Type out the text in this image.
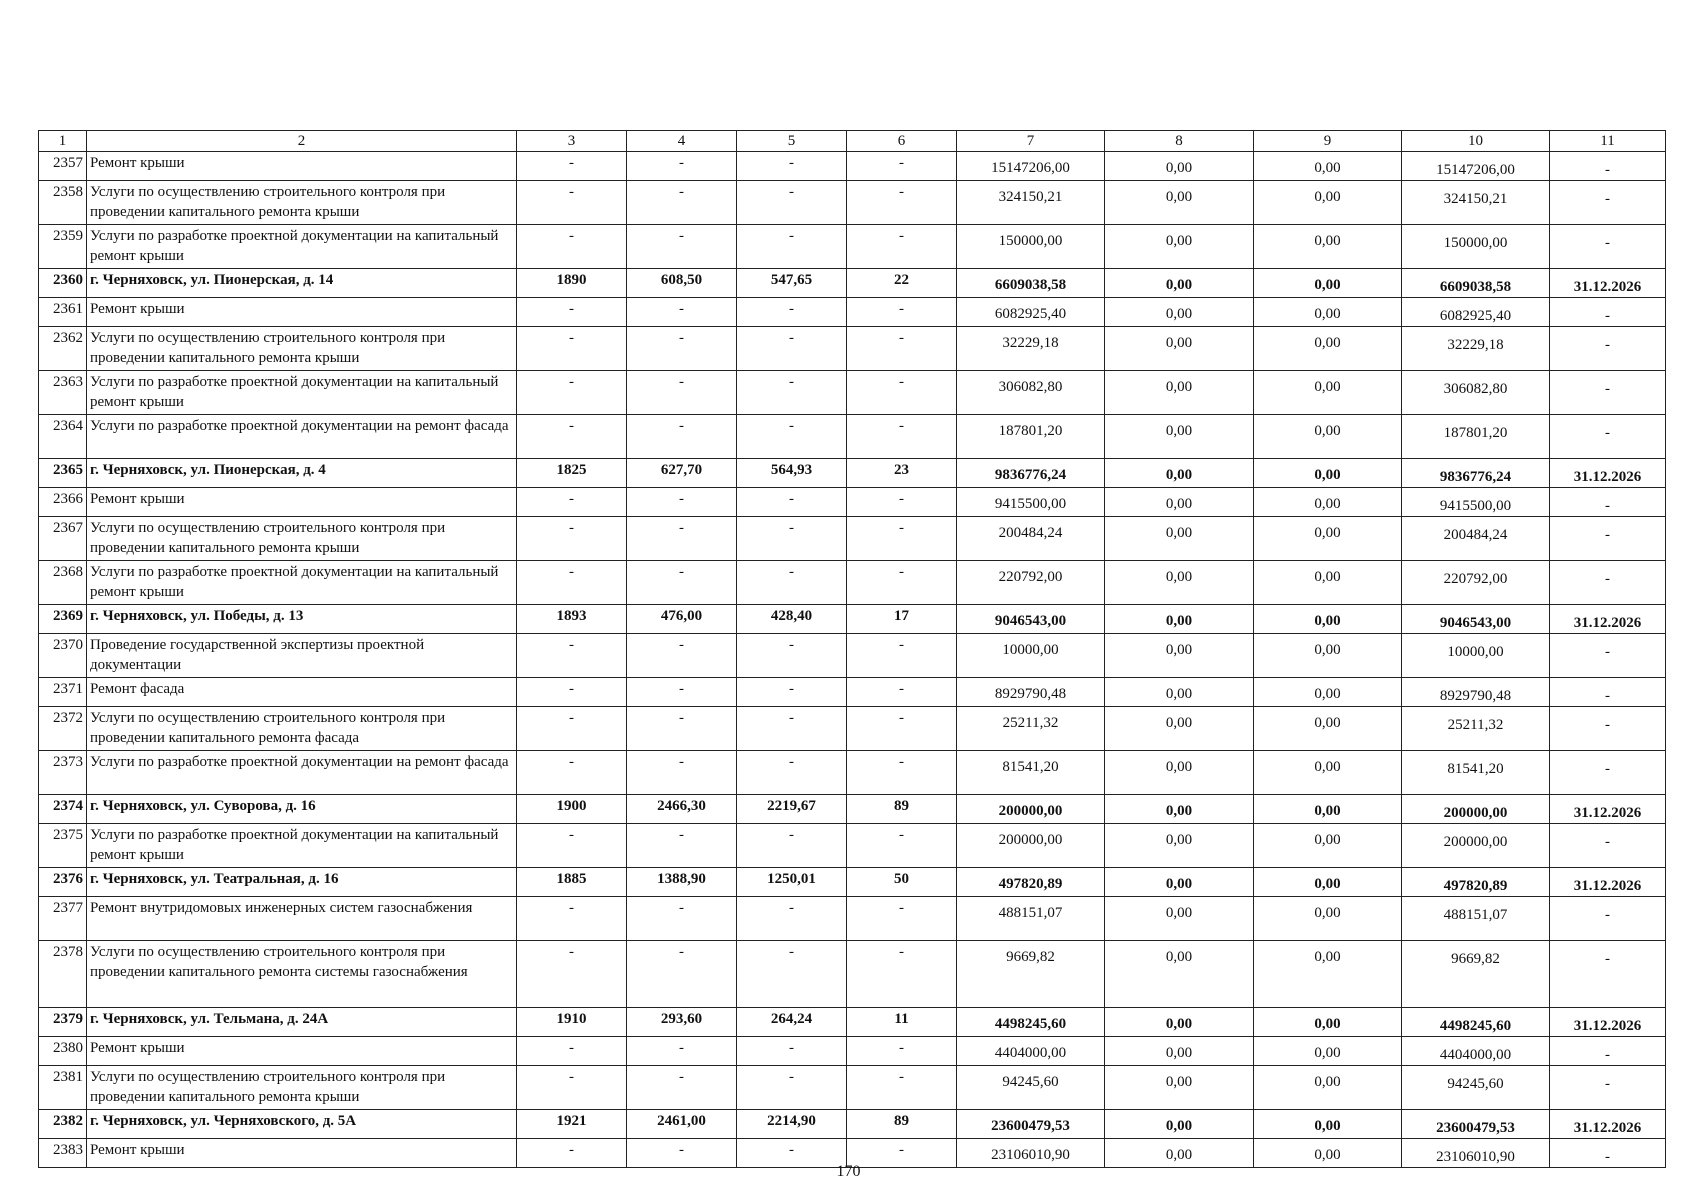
1	2	3	4	5	6	7	8	9	10	11
2357	Ремонт крыши	-	-	-	-	15147206,00	0,00	0,00	15147206,00	-
2358	Услуги по осуществлению строительного контроля при проведении капитального ремонта крыши	-	-	-	-	324150,21	0,00	0,00	324150,21	-
2359	Услуги по разработке проектной документации на капитальный ремонт крыши	-	-	-	-	150000,00	0,00	0,00	150000,00	-
2360	г. Черняховск, ул. Пионерская, д. 14	1890	608,50	547,65	22	6609038,58	0,00	0,00	6609038,58	31.12.2026
2361	Ремонт крыши	-	-	-	-	6082925,40	0,00	0,00	6082925,40	-
2362	Услуги по осуществлению строительного контроля при проведении капитального ремонта крыши	-	-	-	-	32229,18	0,00	0,00	32229,18	-
2363	Услуги по разработке проектной документации на капитальный ремонт крыши	-	-	-	-	306082,80	0,00	0,00	306082,80	-
2364	Услуги по разработке проектной документации на ремонт фасада	-	-	-	-	187801,20	0,00	0,00	187801,20	-
2365	г. Черняховск, ул. Пионерская, д. 4	1825	627,70	564,93	23	9836776,24	0,00	0,00	9836776,24	31.12.2026
2366	Ремонт крыши	-	-	-	-	9415500,00	0,00	0,00	9415500,00	-
2367	Услуги по осуществлению строительного контроля при проведении капитального ремонта крыши	-	-	-	-	200484,24	0,00	0,00	200484,24	-
2368	Услуги по разработке проектной документации на капитальный ремонт крыши	-	-	-	-	220792,00	0,00	0,00	220792,00	-
2369	г. Черняховск, ул. Победы, д. 13	1893	476,00	428,40	17	9046543,00	0,00	0,00	9046543,00	31.12.2026
2370	Проведение государственной экспертизы проектной документации	-	-	-	-	10000,00	0,00	0,00	10000,00	-
2371	Ремонт фасада	-	-	-	-	8929790,48	0,00	0,00	8929790,48	-
2372	Услуги по осуществлению строительного контроля при проведении капитального ремонта фасада	-	-	-	-	25211,32	0,00	0,00	25211,32	-
2373	Услуги по разработке проектной документации на ремонт фасада	-	-	-	-	81541,20	0,00	0,00	81541,20	-
2374	г. Черняховск, ул. Суворова, д. 16	1900	2466,30	2219,67	89	200000,00	0,00	0,00	200000,00	31.12.2026
2375	Услуги по разработке проектной документации на капитальный ремонт крыши	-	-	-	-	200000,00	0,00	0,00	200000,00	-
2376	г. Черняховск, ул. Театральная, д. 16	1885	1388,90	1250,01	50	497820,89	0,00	0,00	497820,89	31.12.2026
2377	Ремонт внутридомовых инженерных систем газоснабжения	-	-	-	-	488151,07	0,00	0,00	488151,07	-
2378	Услуги по осуществлению строительного контроля при проведении капитального ремонта системы газоснабжения	-	-	-	-	9669,82	0,00	0,00	9669,82	-
2379	г. Черняховск, ул. Тельмана, д. 24А	1910	293,60	264,24	11	4498245,60	0,00	0,00	4498245,60	31.12.2026
2380	Ремонт крыши	-	-	-	-	4404000,00	0,00	0,00	4404000,00	-
2381	Услуги по осуществлению строительного контроля при проведении капитального ремонта крыши	-	-	-	-	94245,60	0,00	0,00	94245,60	-
2382	г. Черняховск, ул. Черняховского, д. 5А	1921	2461,00	2214,90	89	23600479,53	0,00	0,00	23600479,53	31.12.2026
2383	Ремонт крыши	-	-	-	-	23106010,90	0,00	0,00	23106010,90	-
170
